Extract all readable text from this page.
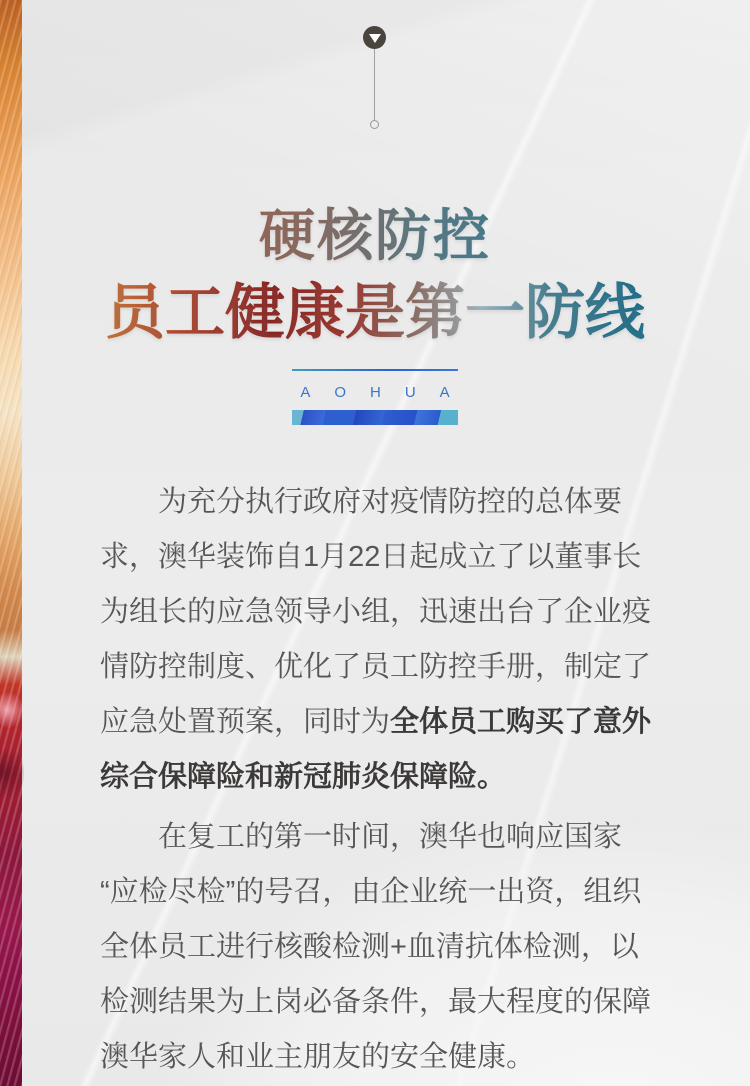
硬核防控
员工健康是第一防线
AOHUA
为充分执行政府对疫情防控的总体要
求，澳华装饰自1月22日起成立了以董事长
为组长的应急领导小组，迅速出台了企业疫
情防控制度、优化了员工防控手册，制定了
应急处置预案，同时为全体员工购买了意外
综合保障险和新冠肺炎保障险。
在复工的第一时间，澳华也响应国家
“应检尽检”的号召，由企业统一出资，组织
全体员工进行核酸检测+血清抗体检测，以
检测结果为上岗必备条件，最大程度的保障
澳华家人和业主朋友的安全健康。
